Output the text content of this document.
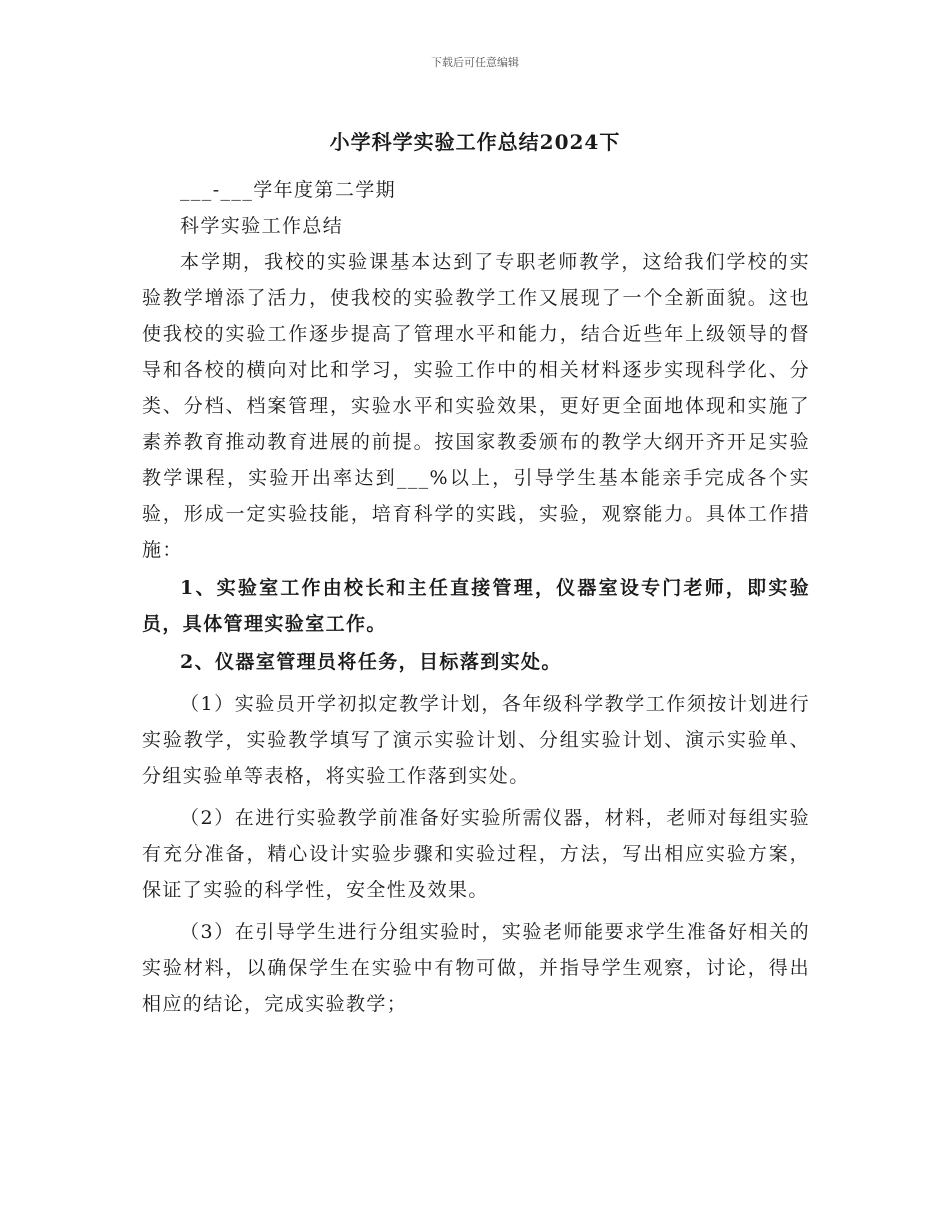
下载后可任意编辑
小学科学实验工作总结2024下

___-___学年度第二学期

科学实验工作总结

本学期，我校的实验课基本达到了专职老师教学，这给我们学校的实验教学增添了活力，使我校的实验教学工作又展现了一个全新面貌。这也使我校的实验工作逐步提高了管理水平和能力，结合近些年上级领导的督导和各校的横向对比和学习，实验工作中的相关材料逐步实现科学化、分类、分档、档案管理，实验水平和实验效果，更好更全面地体现和实施了素养教育推动教育进展的前提。按国家教委颁布的教学大纲开齐开足实验教学课程，实验开出率达到___%以上，引导学生基本能亲手完成各个实验，形成一定实验技能，培育科学的实践，实验，观察能力。具体工作措施：

1、实验室工作由校长和主任直接管理，仪器室设专门老师，即实验员，具体管理实验室工作。

2、仪器室管理员将任务，目标落到实处。

（1）实验员开学初拟定教学计划，各年级科学教学工作须按计划进行实验教学，实验教学填写了演示实验计划、分组实验计划、演示实验单、分组实验单等表格，将实验工作落到实处。

（2）在进行实验教学前准备好实验所需仪器，材料，老师对每组实验有充分准备，精心设计实验步骤和实验过程，方法，写出相应实验方案，保证了实验的科学性，安全性及效果。

（3）在引导学生进行分组实验时，实验老师能要求学生准备好相关的实验材料，以确保学生在实验中有物可做，并指导学生观察，讨论，得出相应的结论，完成实验教学；
